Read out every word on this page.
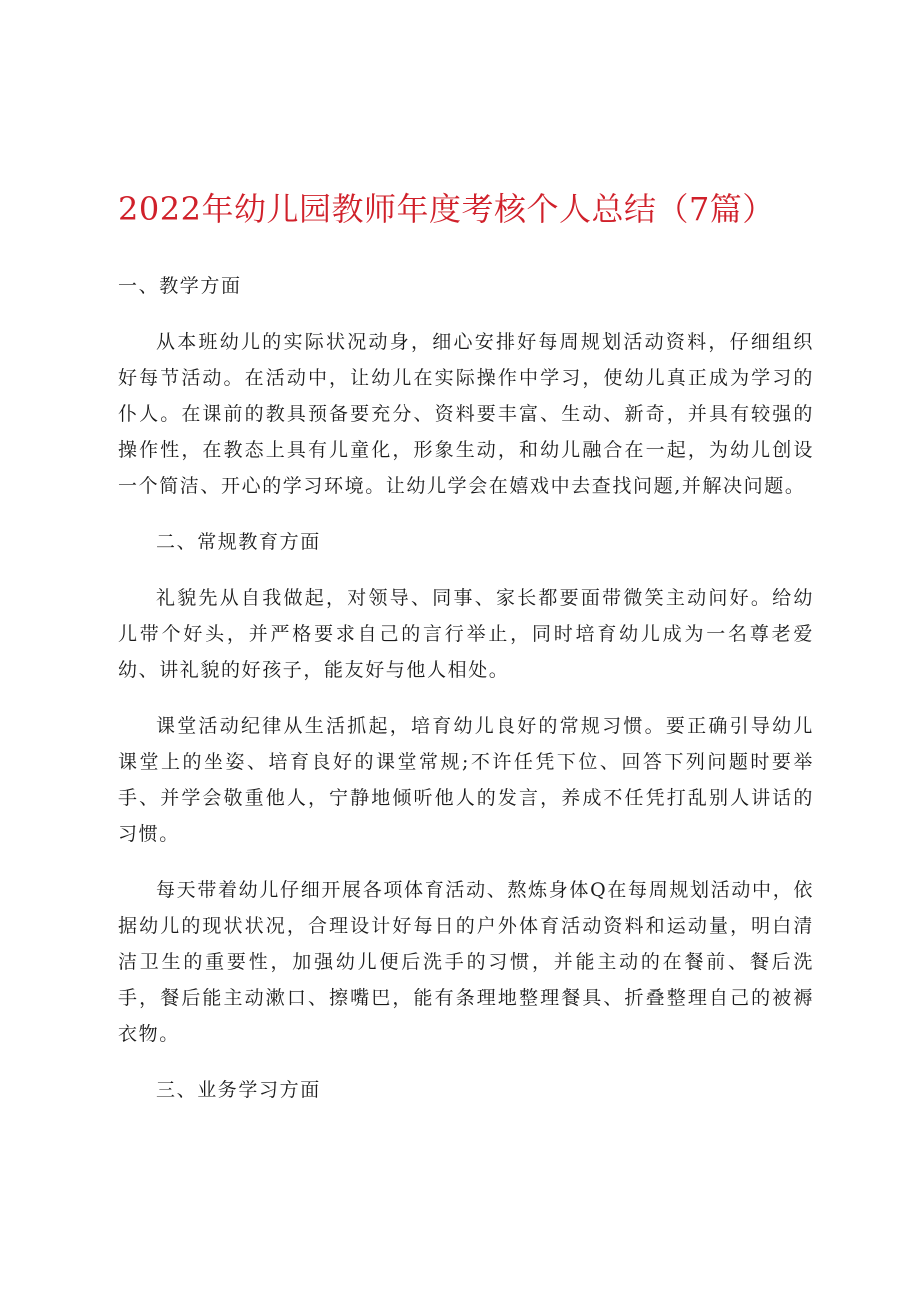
2022年幼儿园教师年度考核个人总结（7篇）

一、教学方面

从本班幼儿的实际状况动身，细心安排好每周规划活动资料，仔细组织好每节活动。在活动中，让幼儿在实际操作中学习，使幼儿真正成为学习的仆人。在课前的教具预备要充分、资料要丰富、生动、新奇，并具有较强的操作性，在教态上具有儿童化，形象生动，和幼儿融合在一起，为幼儿创设一个简洁、开心的学习环境。让幼儿学会在嬉戏中去查找问题,并解决问题。

二、常规教育方面

礼貌先从自我做起，对领导、同事、家长都要面带微笑主动问好。给幼儿带个好头，并严格要求自己的言行举止，同时培育幼儿成为一名尊老爱幼、讲礼貌的好孩子，能友好与他人相处。

课堂活动纪律从生活抓起，培育幼儿良好的常规习惯。要正确引导幼儿课堂上的坐姿、培育良好的课堂常规;不许任凭下位、回答下列问题时要举手、并学会敬重他人，宁静地倾听他人的发言，养成不任凭打乱别人讲话的习惯。

每天带着幼儿仔细开展各项体育活动、熬炼身体Q在每周规划活动中，依据幼儿的现状状况，合理设计好每日的户外体育活动资料和运动量，明白清洁卫生的重要性，加强幼儿便后洗手的习惯，并能主动的在餐前、餐后洗手，餐后能主动漱口、擦嘴巴，能有条理地整理餐具、折叠整理自己的被褥衣物。

三、业务学习方面
